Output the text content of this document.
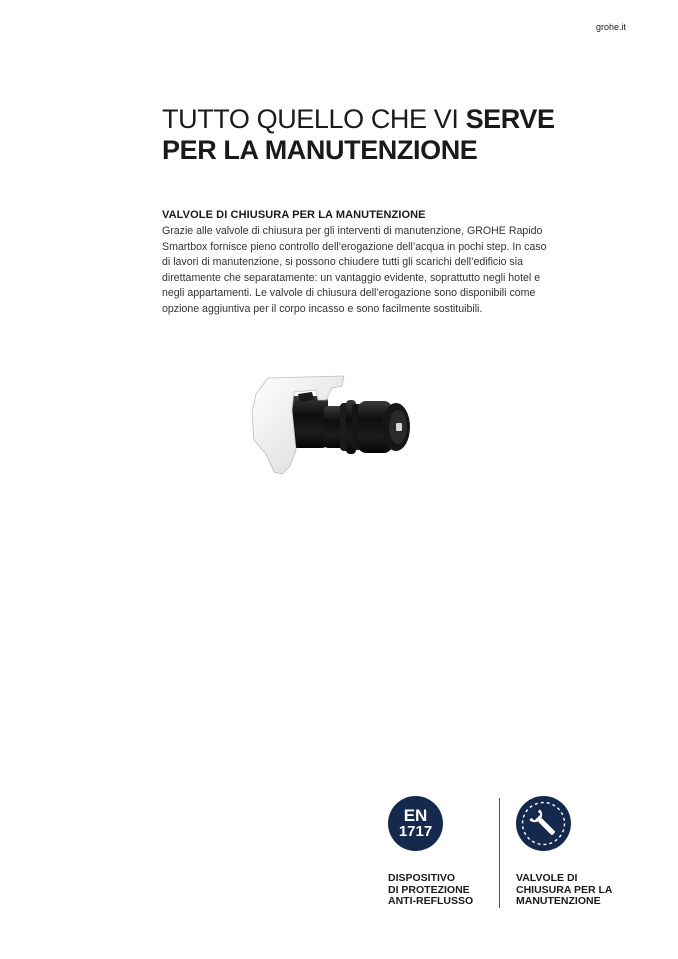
grohe.it
TUTTO QUELLO CHE VI SERVE
PER LA MANUTENZIONE
VALVOLE DI CHIUSURA PER LA MANUTENZIONE

Grazie alle valvole di chiusura per gli interventi di manutenzione, GROHE Rapido Smartbox fornisce pieno controllo dell’erogazione dell’acqua in pochi step. In caso di lavori di manutenzione, si possono chiudere tutti gli scarichi dell’edificio sia direttamente che separatamente: un vantaggio evidente, soprattutto negli hotel e negli appartamenti. Le valvole di chiusura dell’erogazione sono disponibili come opzione aggiuntiva per il corpo incasso e sono facilmente sostituibili.

EN
1717
DISPOSITIVO
DI PROTEZIONE
ANTI-REFLUSSO
VALVOLE DI
CHIUSURA PER LA
MANUTENZIONE
